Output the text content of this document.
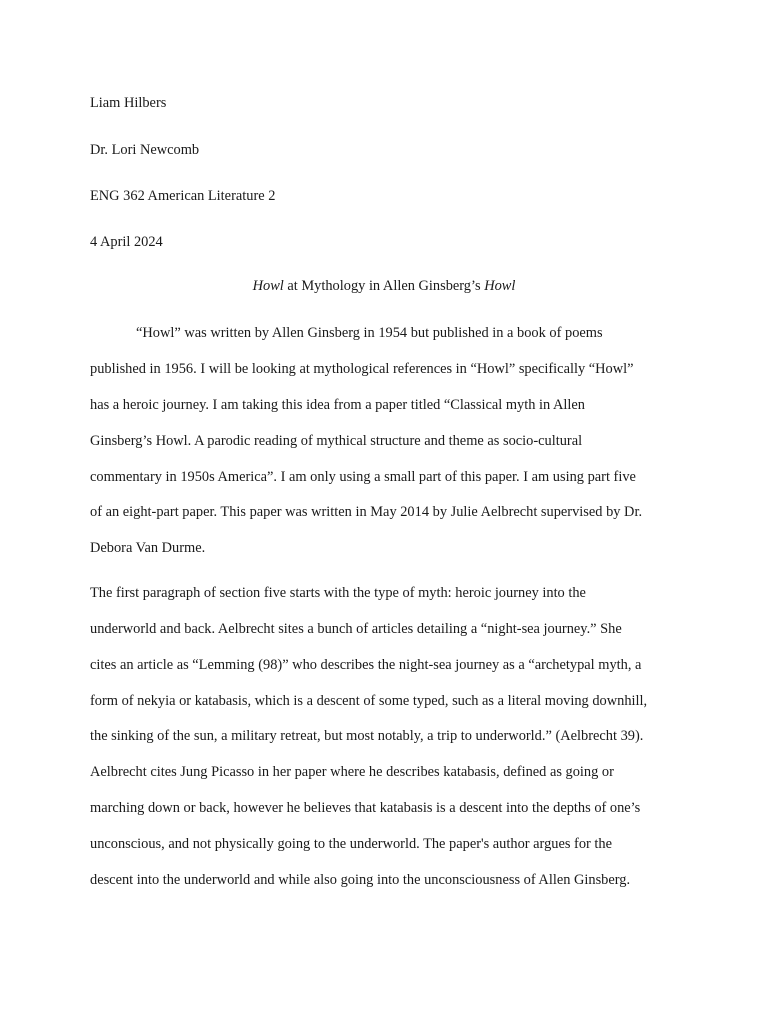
Liam Hilbers
Dr. Lori Newcomb
ENG 362 American Literature 2
4 April 2024
Howl at Mythology in Allen Ginsberg’s Howl
“Howl” was written by Allen Ginsberg in 1954 but published in a book of poems
published in 1956. I will be looking at mythological references in “Howl” specifically “Howl”
has a heroic journey. I am taking this idea from a paper titled “Classical myth in Allen
Ginsberg’s Howl. A parodic reading of mythical structure and theme as socio-cultural
commentary in 1950s America”. I am only using a small part of this paper. I am using part five
of an eight-part paper. This paper was written in May 2014 by Julie Aelbrecht supervised by Dr.
Debora Van Durme.
The first paragraph of section five starts with the type of myth: heroic journey into the
underworld and back. Aelbrecht sites a bunch of articles detailing a “night-sea journey.” She
cites an article as “Lemming (98)” who describes the night-sea journey as a “archetypal myth, a
form of nekyia or katabasis, which is a descent of some typed, such as a literal moving downhill,
the sinking of the sun, a military retreat, but most notably, a trip to underworld.” (Aelbrecht 39).
Aelbrecht cites Jung Picasso in her paper where he describes katabasis, defined as going or
marching down or back, however he believes that katabasis is a descent into the depths of one’s
unconscious, and not physically going to the underworld. The paper's author argues for the
descent into the underworld and while also going into the unconsciousness of Allen Ginsberg.
